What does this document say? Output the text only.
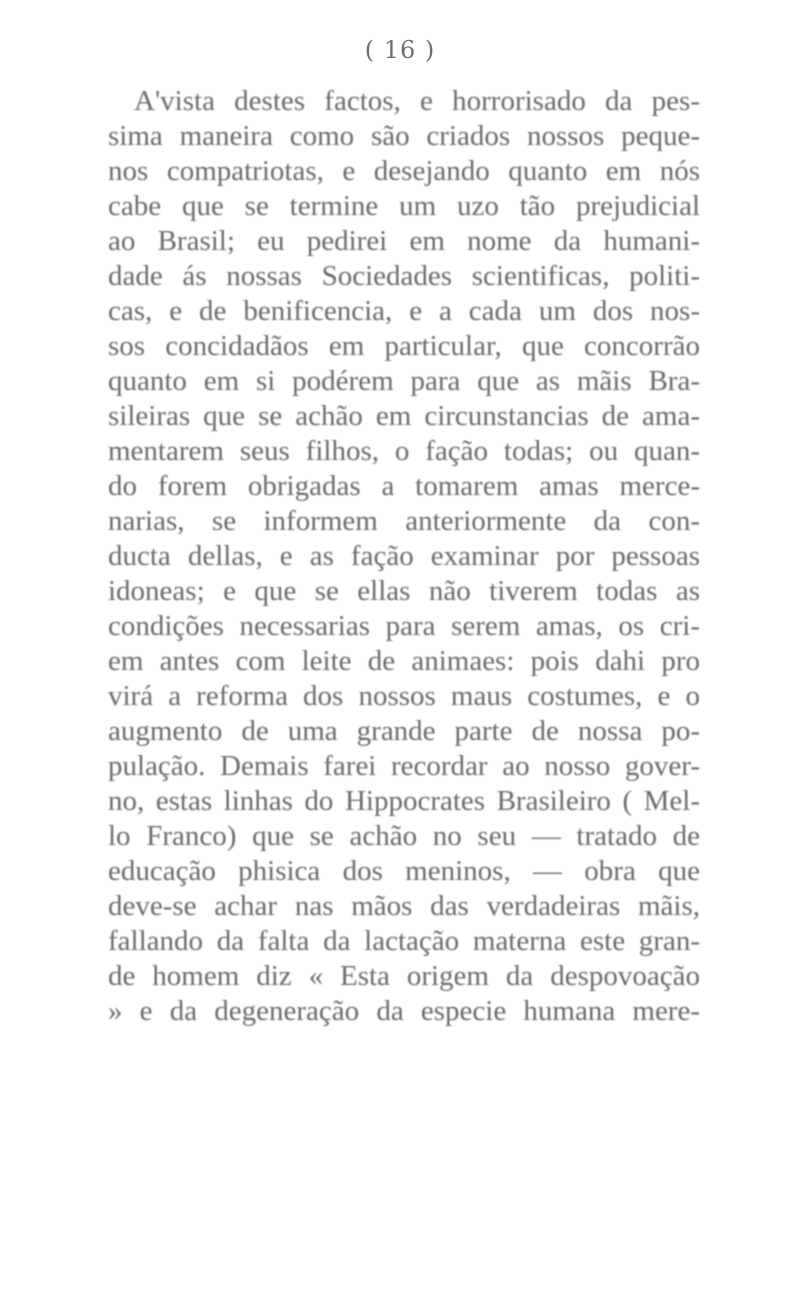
( 16 )
A'vista destes factos, e horrorisado da pes-
sima maneira como são criados nossos peque-
nos compatriotas, e desejando quanto em nós
cabe que se termine um uzo tão prejudicial
ao Brasil; eu pedirei em nome da humani-
dade ás nossas Sociedades scientificas, politi-
cas, e de benificencia, e a cada um dos nos-
sos concidadãos em particular, que concorrão
quanto em si podérem para que as mãis Bra-
sileiras que se achão em circunstancias de ama-
mentarem seus filhos, o fação todas; ou quan-
do forem obrigadas a tomarem amas merce-
narias, se informem anteriormente da con-
ducta dellas, e as fação examinar por pessoas
idoneas; e que se ellas não tiverem todas as
condições necessarias para serem amas, os cri-
em antes com leite de animaes: pois dahi pro
virá a reforma dos nossos maus costumes, e o
augmento de uma grande parte de nossa po-
pulação. Demais farei recordar ao nosso gover-
no, estas linhas do Hippocrates Brasileiro ( Mel-
lo Franco) que se achão no seu — tratado de
educação phisica dos meninos, — obra que
deve-se achar nas mãos das verdadeiras mãis,
fallando da falta da lactação materna este gran-
de homem diz « Esta origem da despovoação
» e da degeneração da especie humana mere-
